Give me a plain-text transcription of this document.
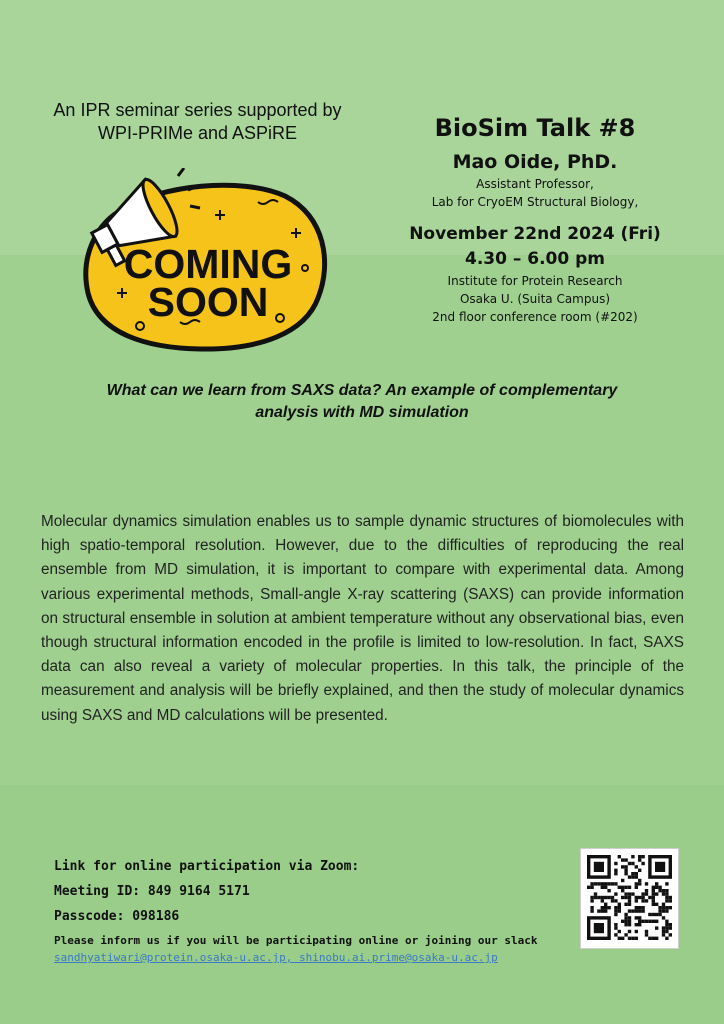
An IPR seminar series supported by
WPI-PRIMe and ASPiRE
COMING
SOON
BioSim Talk #8
Mao Oide, PhD.
Assistant Professor,
Lab for CryoEM Structural Biology,
November 22nd 2024 (Fri)
4.30 – 6.00 pm
Institute for Protein Research
Osaka U. (Suita Campus)
2nd floor conference room (#202)
What can we learn from SAXS data? An example of complementary
analysis with MD simulation
Molecular dynamics simulation enables us to sample dynamic structures of biomolecules with high spatio-temporal resolution. However, due to the difficulties of reproducing the real ensemble from MD simulation, it is important to compare with experimental data. Among various experimental methods, Small-angle X-ray scattering (SAXS) can provide information on structural ensemble in solution at ambient temperature without any observational bias, even though structural information encoded in the profile is limited to low-resolution. In fact, SAXS data can also reveal a variety of molecular properties. In this talk, the principle of the measurement and analysis will be briefly explained, and then the study of molecular dynamics using SAXS and MD calculations will be presented.
Link for online participation via Zoom:
Meeting ID: 849 9164 5171
Passcode: 098186
Please inform us if you will be participating online or joining our slack
sandhyatiwari@protein.osaka-u.ac.jp, shinobu.ai.prime@osaka-u.ac.jp
